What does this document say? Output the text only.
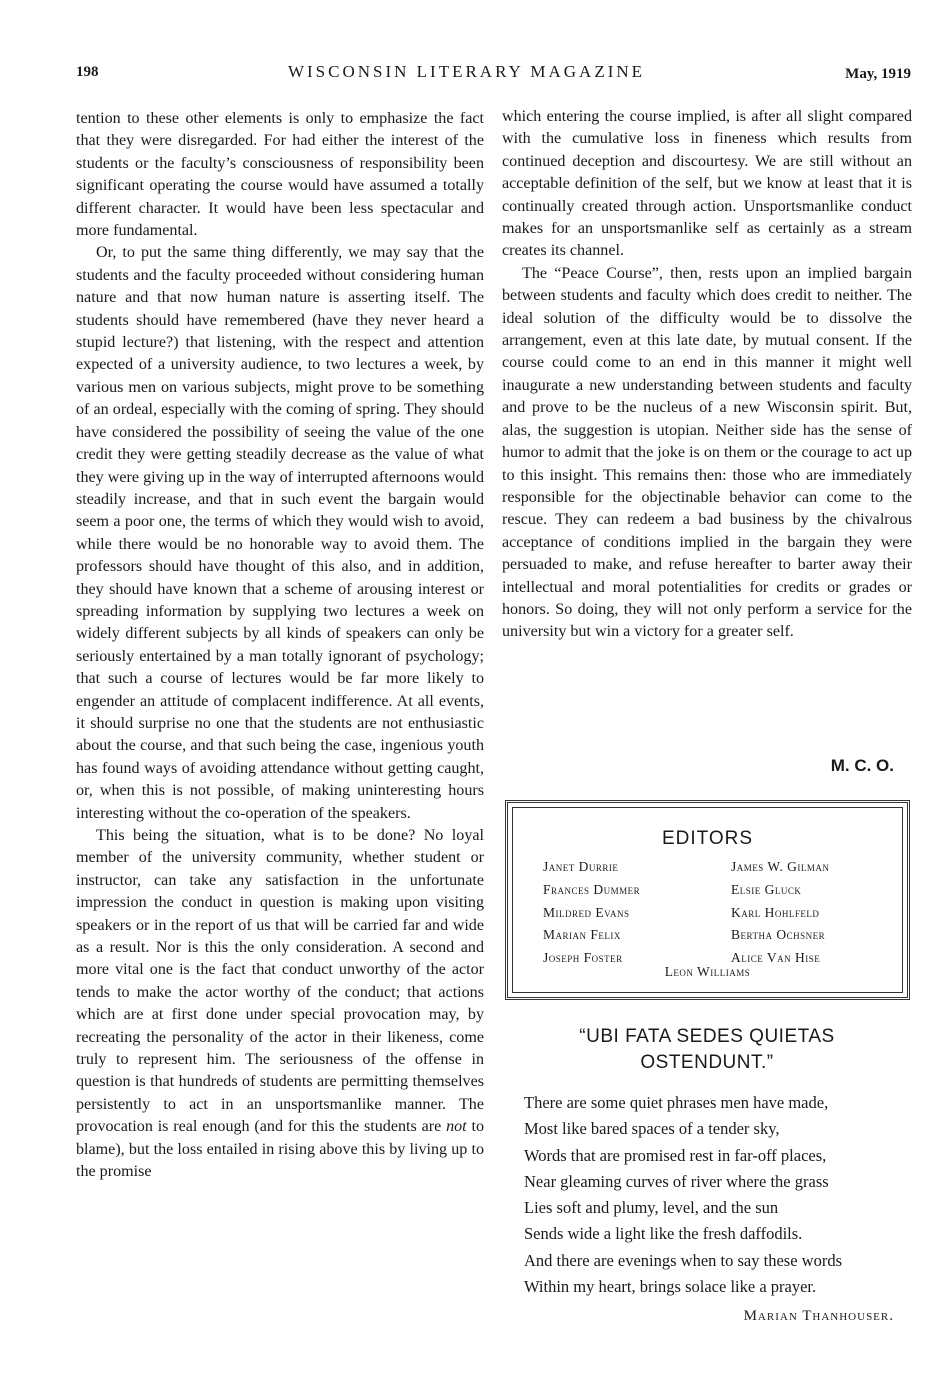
198	WISCONSIN LITERARY MAGAZINE	May, 1919

tention to these other elements is only to emphasize the fact that they were disregarded. For had either the interest of the students or the faculty’s consciousness of responsibility been significant operating the course would have assumed a totally different character. It would have been less spectacular and more fundamental.

Or, to put the same thing differently, we may say that the students and the faculty proceeded without considering human nature and that now human nature is asserting itself. The students should have remembered (have they never heard a stupid lecture?) that listening, with the respect and attention expected of a university audience, to two lectures a week, by various men on various subjects, might prove to be something of an ordeal, especially with the coming of spring. They should have considered the possibility of seeing the value of the one credit they were getting steadily decrease as the value of what they were giving up in the way of interrupted afternoons would steadily increase, and that in such event the bargain would seem a poor one, the terms of which they would wish to avoid, while there would be no honorable way to avoid them. The professors should have thought of this also, and in addition, they should have known that a scheme of arousing interest or spreading information by supplying two lectures a week on widely different subjects by all kinds of speakers can only be seriously entertained by a man totally ignorant of psychology; that such a course of lectures would be far more likely to engender an attitude of complacent indifference. At all events, it should surprise no one that the students are not enthusiastic about the course, and that such being the case, ingenious youth has found ways of avoiding attendance without getting caught, or, when this is not possible, of making uninteresting hours interesting without the co-operation of the speakers.

This being the situation, what is to be done? No loyal member of the university community, whether student or instructor, can take any satisfaction in the unfortunate impression the conduct in question is making upon visiting speakers or in the report of us that will be carried far and wide as a result. Nor is this the only consideration. A second and more vital one is the fact that conduct unworthy of the actor tends to make the actor worthy of the conduct; that actions which are at first done under special provocation may, by recreating the personality of the actor in their likeness, come truly to represent him. The seriousness of the offense in question is that hundreds of students are permitting themselves persistently to act in an unsportsmanlike manner. The provocation is real enough (and for this the students are not to blame), but the loss entailed in rising above this by living up to the promise

which entering the course implied, is after all slight compared with the cumulative loss in fineness which results from continued deception and discourtesy. We are still without an acceptable definition of the self, but we know at least that it is continually created through action. Unsportsmanlike conduct makes for an unsportsmanlike self as certainly as a stream creates its channel.

The “Peace Course”, then, rests upon an implied bargain between students and faculty which does credit to neither. The ideal solution of the difficulty would be to dissolve the arrangement, even at this late date, by mutual consent. If the course could come to an end in this manner it might well inaugurate a new understanding between students and faculty and prove to be the nucleus of a new Wisconsin spirit. But, alas, the suggestion is utopian. Neither side has the sense of humor to admit that the joke is on them or the courage to act up to this insight. This remains then: those who are immediately responsible for the objectinable behavior can come to the rescue. They can redeem a bad business by the chivalrous acceptance of conditions implied in the bargain they were persuaded to make, and refuse hereafter to barter away their intellectual and moral potentialities for credits or grades or honors. So doing, they will not only perform a service for the university but win a victory for a greater self.

M. C. O.
EDITORS
Janet Durrie
Frances Dummer
Mildred Evans
Marian Felix
Joseph Foster
James W. Gilman
Elsie Gluck
Karl Hohlfeld
Bertha Ochsner
Alice Van Hise
Leon Williams
“UBI FATA SEDES QUIETAS
OSTENDUNT.”
There are some quiet phrases men have made,
Most like bared spaces of a tender sky,
Words that are promised rest in far-off places,
Near gleaming curves of river where the grass
Lies soft and plumy, level, and the sun
Sends wide a light like the fresh daffodils.
And there are evenings when to say these words
Within my heart, brings solace like a prayer.
Marian Thanhouser.
